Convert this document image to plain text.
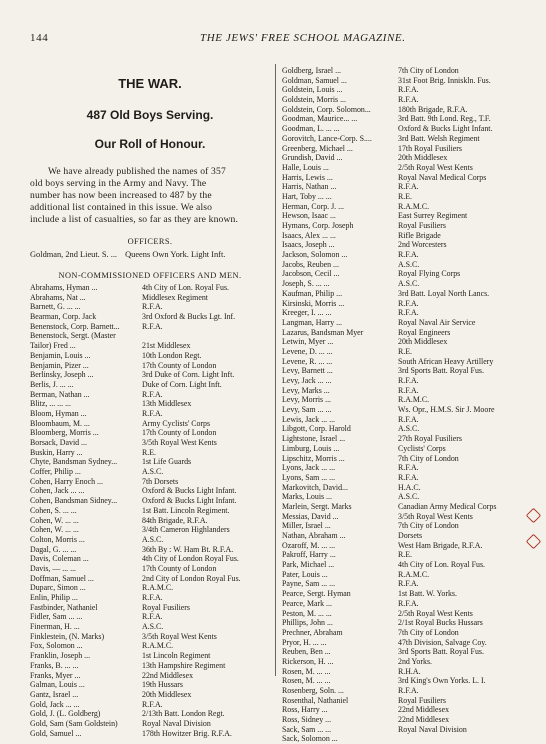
144	THE JEWS' FREE SCHOOL MAGAZINE.
THE WAR.
487 Old Boys Serving.
Our Roll of Honour.
We have already published the names of 357
old boys serving in the Army and Navy. The
number has now been increased to 487 by the
additional list contained in this issue. We also
include a list of casualties, so far as they are known.
OFFICERS.
Goldman, 2nd Lieut. S. ... Queens Own York. Light Inft.
NON-COMMISSIONED OFFICERS AND MEN.
Abrahams, Hyman ...	4th City of Lon. Royal Fus.
Abrahams, Nat ...	Middlesex Regiment
Barnett, G. ... ...	R.F.A.
Bearman, Corp. Jack	3rd Oxford & Bucks Lgt. Inf.
Benenstock, Corp. Barnett...	R.F.A.
Benenstock, Sergt. (Master
Tailor) Fred ...	21st Middlesex
Benjamin, Louis ...	10th London Regt.
Benjamin, Pizer ...	17th County of London
Berlinsky, Joseph ...	3rd Duke of Corn. Light Inft.
Berlis, J. ... ...	Duke of Corn. Light Inft.
Berman, Nathan ...	R.F.A.
Blitz, ... ... ...	13th Middlesex
Bloom, Hyman ...	R.F.A.
Bloombaum, M. ...	Army Cyclists' Corps
Bloomberg, Morris ...	17th County of London
Borsack, David ...	3/5th Royal West Kents
Buskin, Harry ...	R.E.
Chyte, Bandsman Sydney...	1st Life Guards
Coffer, Philip ...	A.S.C.
Cohen, Harry Enoch ...	7th Dorsets
Cohen, Jack ... ...	Oxford & Bucks Light Infant.
Cohen, Bandsman Sidney...	Oxford & Bucks Light Infant.
Cohen, S. ... ...	1st Batt. Lincoln Regiment.
Cohen, W. ... ...	84th Brigade, R.F.A.
Cohen, W. ... ...	3/4th Cameron Highlanders
Colton, Morris ...	A.S.C.
Dagal, G. ... ...	36th By : W. Ham Bt. R.F.A.
Davis, Coleman ...	4th City of London Royal Fus.
Davis, — ... ...	17th County of London
Doffman, Samuel ...	2nd City of London Royal Fus.
Duparc, Simon ...	R.A.M.C.
Enlin, Philip ...	R.F.A.
Fastbinder, Nathaniel	Royal Fusiliers
Fidler, Sam ... ...	R.F.A.
Finerman, H. ...	A.S.C.
Finklestein, (N. Marks)	3/5th Royal West Kents
Fox, Solomon ...	R.A.M.C.
Franklin, Joseph ...	1st Lincoln Regiment
Franks, B. ... ...	13th Hampshire Regiment
Franks, Myer ...	22nd Middlesex
Galman, Louis ...	19th Hussars
Gantz, Israel ...	20th Middlesex
Gold, Jack ... ...	R.F.A.
Gold, J. (L. Goldberg)	2/13th Batt. London Regt.
Gold, Sam (Sam Goldstein)	Royal Naval Division
Gold, Samuel ...	178th Howitzer Brig. R.F.A.
Goldberg, Israel ...	7th City of London
Goldman, Samuel ...	31st Foot Brig. Inniskln. Fus.
Goldstein, Louis ...	R.F.A.
Goldstein, Morris ...	R.F.A.
Goldstein, Corp. Solomon...	180th Brigade, R.F.A.
Goodman, Maurice... ...	3rd Batt. 9th Lond. Reg., T.F.
Goodman, L. ... ...	Oxford & Bucks Light Infant.
Gorovitch, Lance-Corp. S....	3rd Batt. Welsh Regiment
Greenberg, Michael ...	17th Royal Fusiliers
Grundish, David ...	20th Middlesex
Halle, Louis ...	2/5th Royal West Kents
Harris, Lewis ...	Royal Naval Medical Corps
Harris, Nathan ...	R.F.A.
Hart, Toby ... ...	R.E.
Herman, Corp. J. ...	R.A.M.C.
Hewson, Isaac ...	East Surrey Regiment
Hymans, Corp. Joseph	Royal Fusiliers
Isaacs, Alex ... ...	Rifle Brigade
Isaacs, Joseph ...	2nd Worcesters
Jackson, Solomon ...	R.F.A.
Jacobs, Reuben ...	A.S.C.
Jacobson, Cecil ...	Royal Flying Corps
Joseph, S. ... ...	A.S.C.
Kaufman, Philip ...	3rd Batt. Loyal North Lancs.
Kirsinski, Morris ...	R.F.A.
Kreeger, I. ... ...	R.F.A.
Langman, Harry ...	Royal Naval Air Service
Lazarus, Bandsman Myer	Royal Engineers
Letwin, Myer ...	20th Middlesex
Levene, D. ... ...	R.E.
Levene, R. ... ...	South African Heavy Artillery
Levy, Barnett ...	3rd Sports Batt. Royal Fus.
Levy, Jack ... ...	R.F.A.
Levy, Marks ...	R.F.A.
Levy, Morris ...	R.A.M.C.
Levy, Sam ... ...	Ws. Opr., H.M.S. Sir J. Moore
Lewis, Jack ... ...	R.F.A.
Libgott, Corp. Harold	A.S.C.
Lightstone, Israel ...	27th Royal Fusiliers
Limburg, Louis ...	Cyclists' Corps
Lipschitz, Morris ...	7th City of London
Lyons, Jack ... ...	R.F.A.
Lyons, Sam ... ...	R.F.A.
Markovitch, David...	H.A.C.
Marks, Louis ...	A.S.C.
Marlein, Sergt. Marks	Canadian Army Medical Corps
Messias, David ...	3/5th Royal West Kents
Miller, Israel ...	7th City of London
Nathan, Abraham ...	Dorsets
Ozaroff, M. ... ...	West Ham Brigade, R.F.A.
Pakroff, Harry ...	R.E.
Park, Michael ...	4th City of Lon. Royal Fus.
Pater, Louis ...	R.A.M.C.
Payne, Sam ... ...	R.F.A.
Pearce, Sergt. Hyman	1st Batt. W. Yorks.
Pearce, Mark ...	R.F.A.
Peston, M. ... ...	2/5th Royal West Kents
Phillips, John ...	2/1st Royal Bucks Hussars
Prechner, Abraham	7th City of London
Pryor, H. ... ...	47th Division, Salvage Coy.
Reuben, Ben ...	3rd Sports Batt. Royal Fus.
Rickerson, H. ...	2nd Yorks.
Rosen, M. ... ...	R.H.A.
Rosen, M. ... ...	3rd King's Own Yorks. L. I.
Rosenberg, Soln. ...	R.F.A.
Rosenthal, Nathaniel	Royal Fusiliers
Ross, Harry ...	22nd Middlesex
Ross, Sidney ...	22nd Middlesex
Sack, Sam ... ...	Royal Naval Division
Sack, Solomon ...
